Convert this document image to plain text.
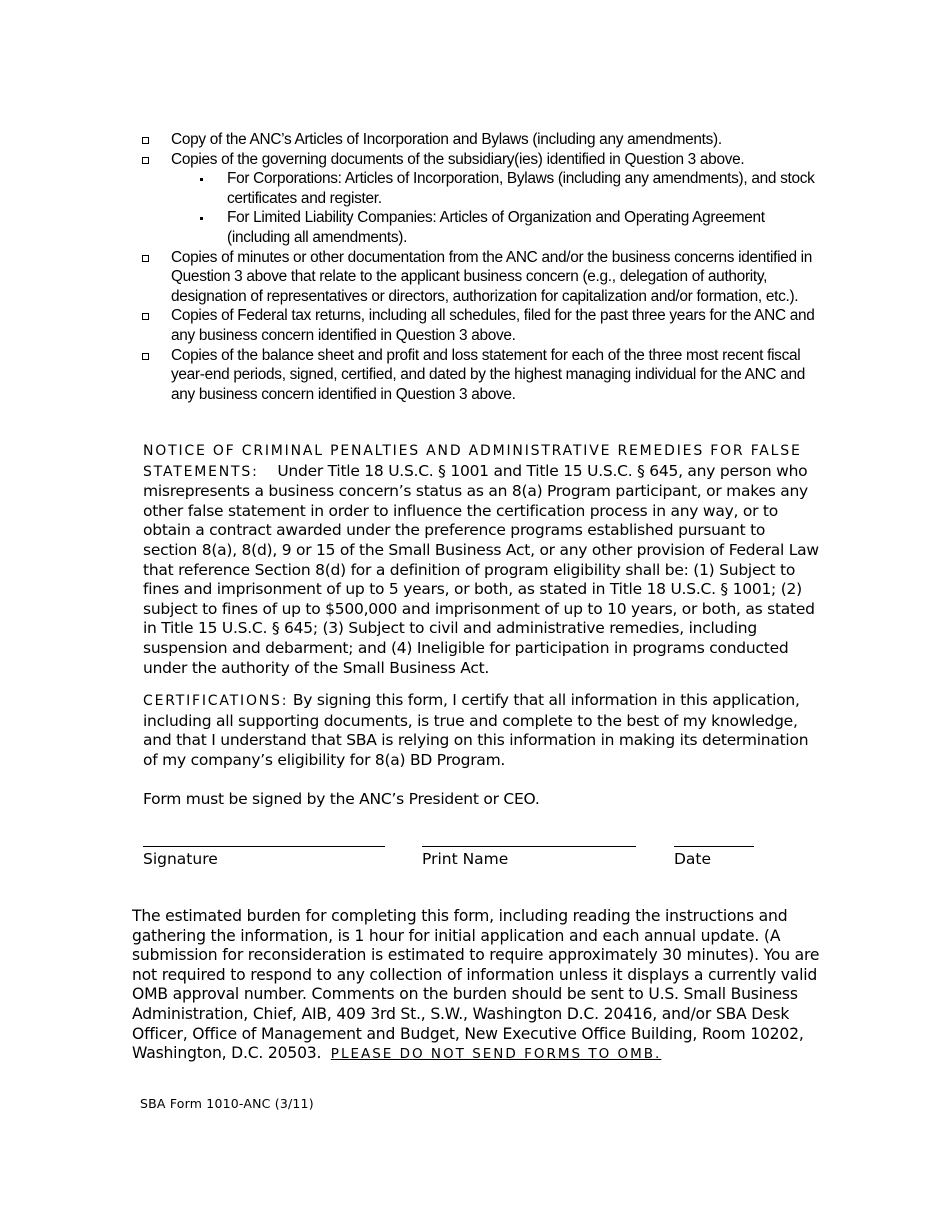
Copy of the ANC’s Articles of Incorporation and Bylaws (including any amendments).
Copies of the governing documents of the subsidiary(ies) identified in Question 3 above.
For Corporations: Articles of Incorporation, Bylaws (including any amendments), and stock certificates and register.
For Limited Liability Companies: Articles of Organization and Operating Agreement (including all amendments).
Copies of minutes or other documentation from the ANC and/or the business concerns identified in Question 3 above that relate to the applicant business concern (e.g., delegation of authority, designation of representatives or directors, authorization for capitalization and/or formation, etc.).
Copies of Federal tax returns, including all schedules, filed for the past three years for the ANC and any business concern identified in Question 3 above.
Copies of the balance sheet and profit and loss statement for each of the three most recent fiscal year-end periods, signed, certified, and dated by the highest managing individual for the ANC and any business concern identified in Question 3 above.

NOTICE OF CRIMINAL PENALTIES AND ADMINISTRATIVE REMEDIES FOR FALSE STATEMENTS: Under Title 18 U.S.C. § 1001 and Title 15 U.S.C. § 645, any person who misrepresents a business concern’s status as an 8(a) Program participant, or makes any other false statement in order to influence the certification process in any way, or to obtain a contract awarded under the preference programs established pursuant to section 8(a), 8(d), 9 or 15 of the Small Business Act, or any other provision of Federal Law that reference Section 8(d) for a definition of program eligibility shall be: (1) Subject to fines and imprisonment of up to 5 years, or both, as stated in Title 18 U.S.C. § 1001; (2) subject to fines of up to $500,000 and imprisonment of up to 10 years, or both, as stated in Title 15 U.S.C. § 645; (3) Subject to civil and administrative remedies, including suspension and debarment; and (4) Ineligible for participation in programs conducted under the authority of the Small Business Act.

CERTIFICATIONS: By signing this form, I certify that all information in this application, including all supporting documents, is true and complete to the best of my knowledge, and that I understand that SBA is relying on this information in making its determination of my company’s eligibility for 8(a) BD Program.

Form must be signed by the ANC’s President or CEO.

Signature	Print Name	Date

The estimated burden for completing this form, including reading the instructions and gathering the information, is 1 hour for initial application and each annual update. (A submission for reconsideration is estimated to require approximately 30 minutes). You are not required to respond to any collection of information unless it displays a currently valid OMB approval number. Comments on the burden should be sent to U.S. Small Business Administration, Chief, AIB, 409 3rd St., S.W., Washington D.C. 20416, and/or SBA Desk Officer, Office of Management and Budget, New Executive Office Building, Room 10202, Washington, D.C. 20503. PLEASE DO NOT SEND FORMS TO OMB.

SBA Form 1010-ANC (3/11)
